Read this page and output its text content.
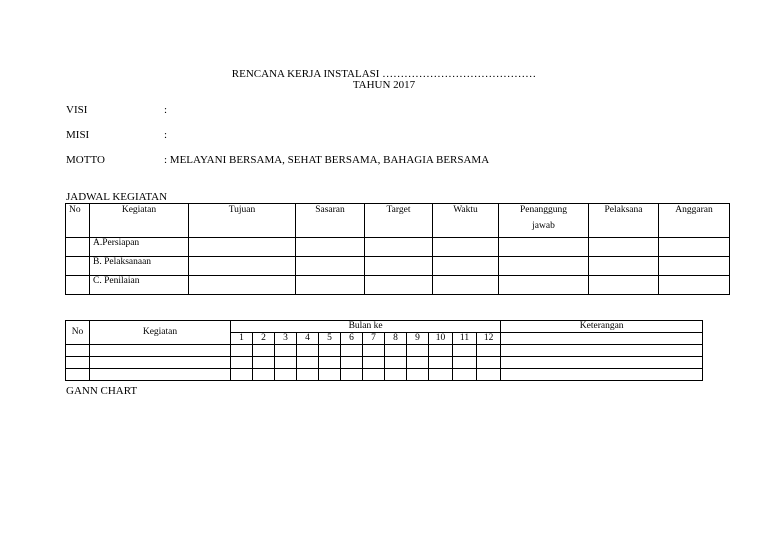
RENCANA KERJA INSTALASI ……………………………………
TAHUN 2017
VISI	:
MISI	:
MOTTO	: MELAYANI BERSAMA, SEHAT BERSAMA, BAHAGIA BERSAMA
JADWAL KEGIATAN
No	Kegiatan	Tujuan	Sasaran	Target	Waktu	Penanggung
jawab	Pelaksana	Anggaran
	A.Persiapan							
	B. Pelaksanaan							
	C. Penilaian							
No	Kegiatan	Bulan ke												Keterangan
		1	2	3	4	5	6	7	8	9	10	11	12	

GANN CHART
